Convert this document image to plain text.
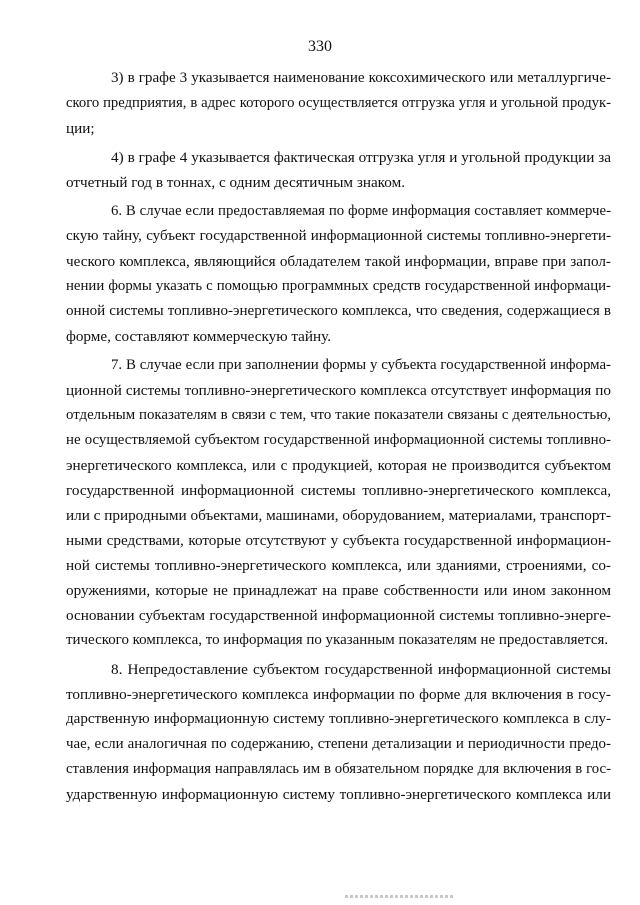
330
3) в графе 3 указывается наименование коксохимического или металлургиче-
ского предприятия, в адрес которого осуществляется отгрузка угля и угольной продук-
ции;
4) в графе 4 указывается фактическая отгрузка угля и угольной продукции за
отчетный год в тоннах, с одним десятичным знаком.
6. В случае если предоставляемая по форме информация составляет коммерче-
скую тайну, субъект государственной информационной системы топливно-энергети-
ческого комплекса, являющийся обладателем такой информации, вправе при запол-
нении формы указать с помощью программных средств государственной информаци-
онной системы топливно-энергетического комплекса, что сведения, содержащиеся в
форме, составляют коммерческую тайну.
7. В случае если при заполнении формы у субъекта государственной информа-
ционной системы топливно-энергетического комплекса отсутствует информация по
отдельным показателям в связи с тем, что такие показатели связаны с деятельностью,
не осуществляемой субъектом государственной информационной системы топливно-
энергетического комплекса, или с продукцией, которая не производится субъектом
государственной информационной системы топливно-энергетического комплекса,
или с природными объектами, машинами, оборудованием, материалами, транспорт-
ными средствами, которые отсутствуют у субъекта государственной информацион-
ной системы топливно-энергетического комплекса, или зданиями, строениями, со-
оружениями, которые не принадлежат на праве собственности или ином законном
основании субъектам государственной информационной системы топливно-энерге-
тического комплекса, то информация по указанным показателям не предоставляется.
8. Непредоставление субъектом государственной информационной системы
топливно-энергетического комплекса информации по форме для включения в госу-
дарственную информационную систему топливно-энергетического комплекса в слу-
чае, если аналогичная по содержанию, степени детализации и периодичности предо-
ставления информация направлялась им в обязательном порядке для включения в гос-
ударственную информационную систему топливно-энергетического комплекса или
